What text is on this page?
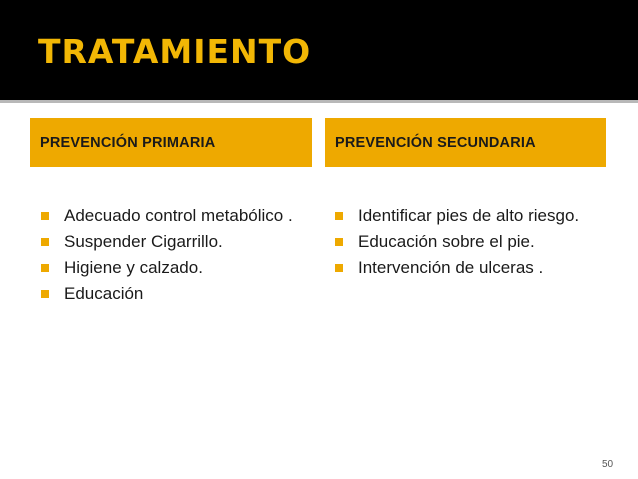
TRATAMIENTO
PREVENCIÓN PRIMARIA	PREVENCIÓN SECUNDARIA
Adecuado control metabólico .
Suspender Cigarrillo.
Higiene y calzado.
Educación
Identificar pies de alto riesgo.
Educación sobre el pie.
Intervención de ulceras .
50
